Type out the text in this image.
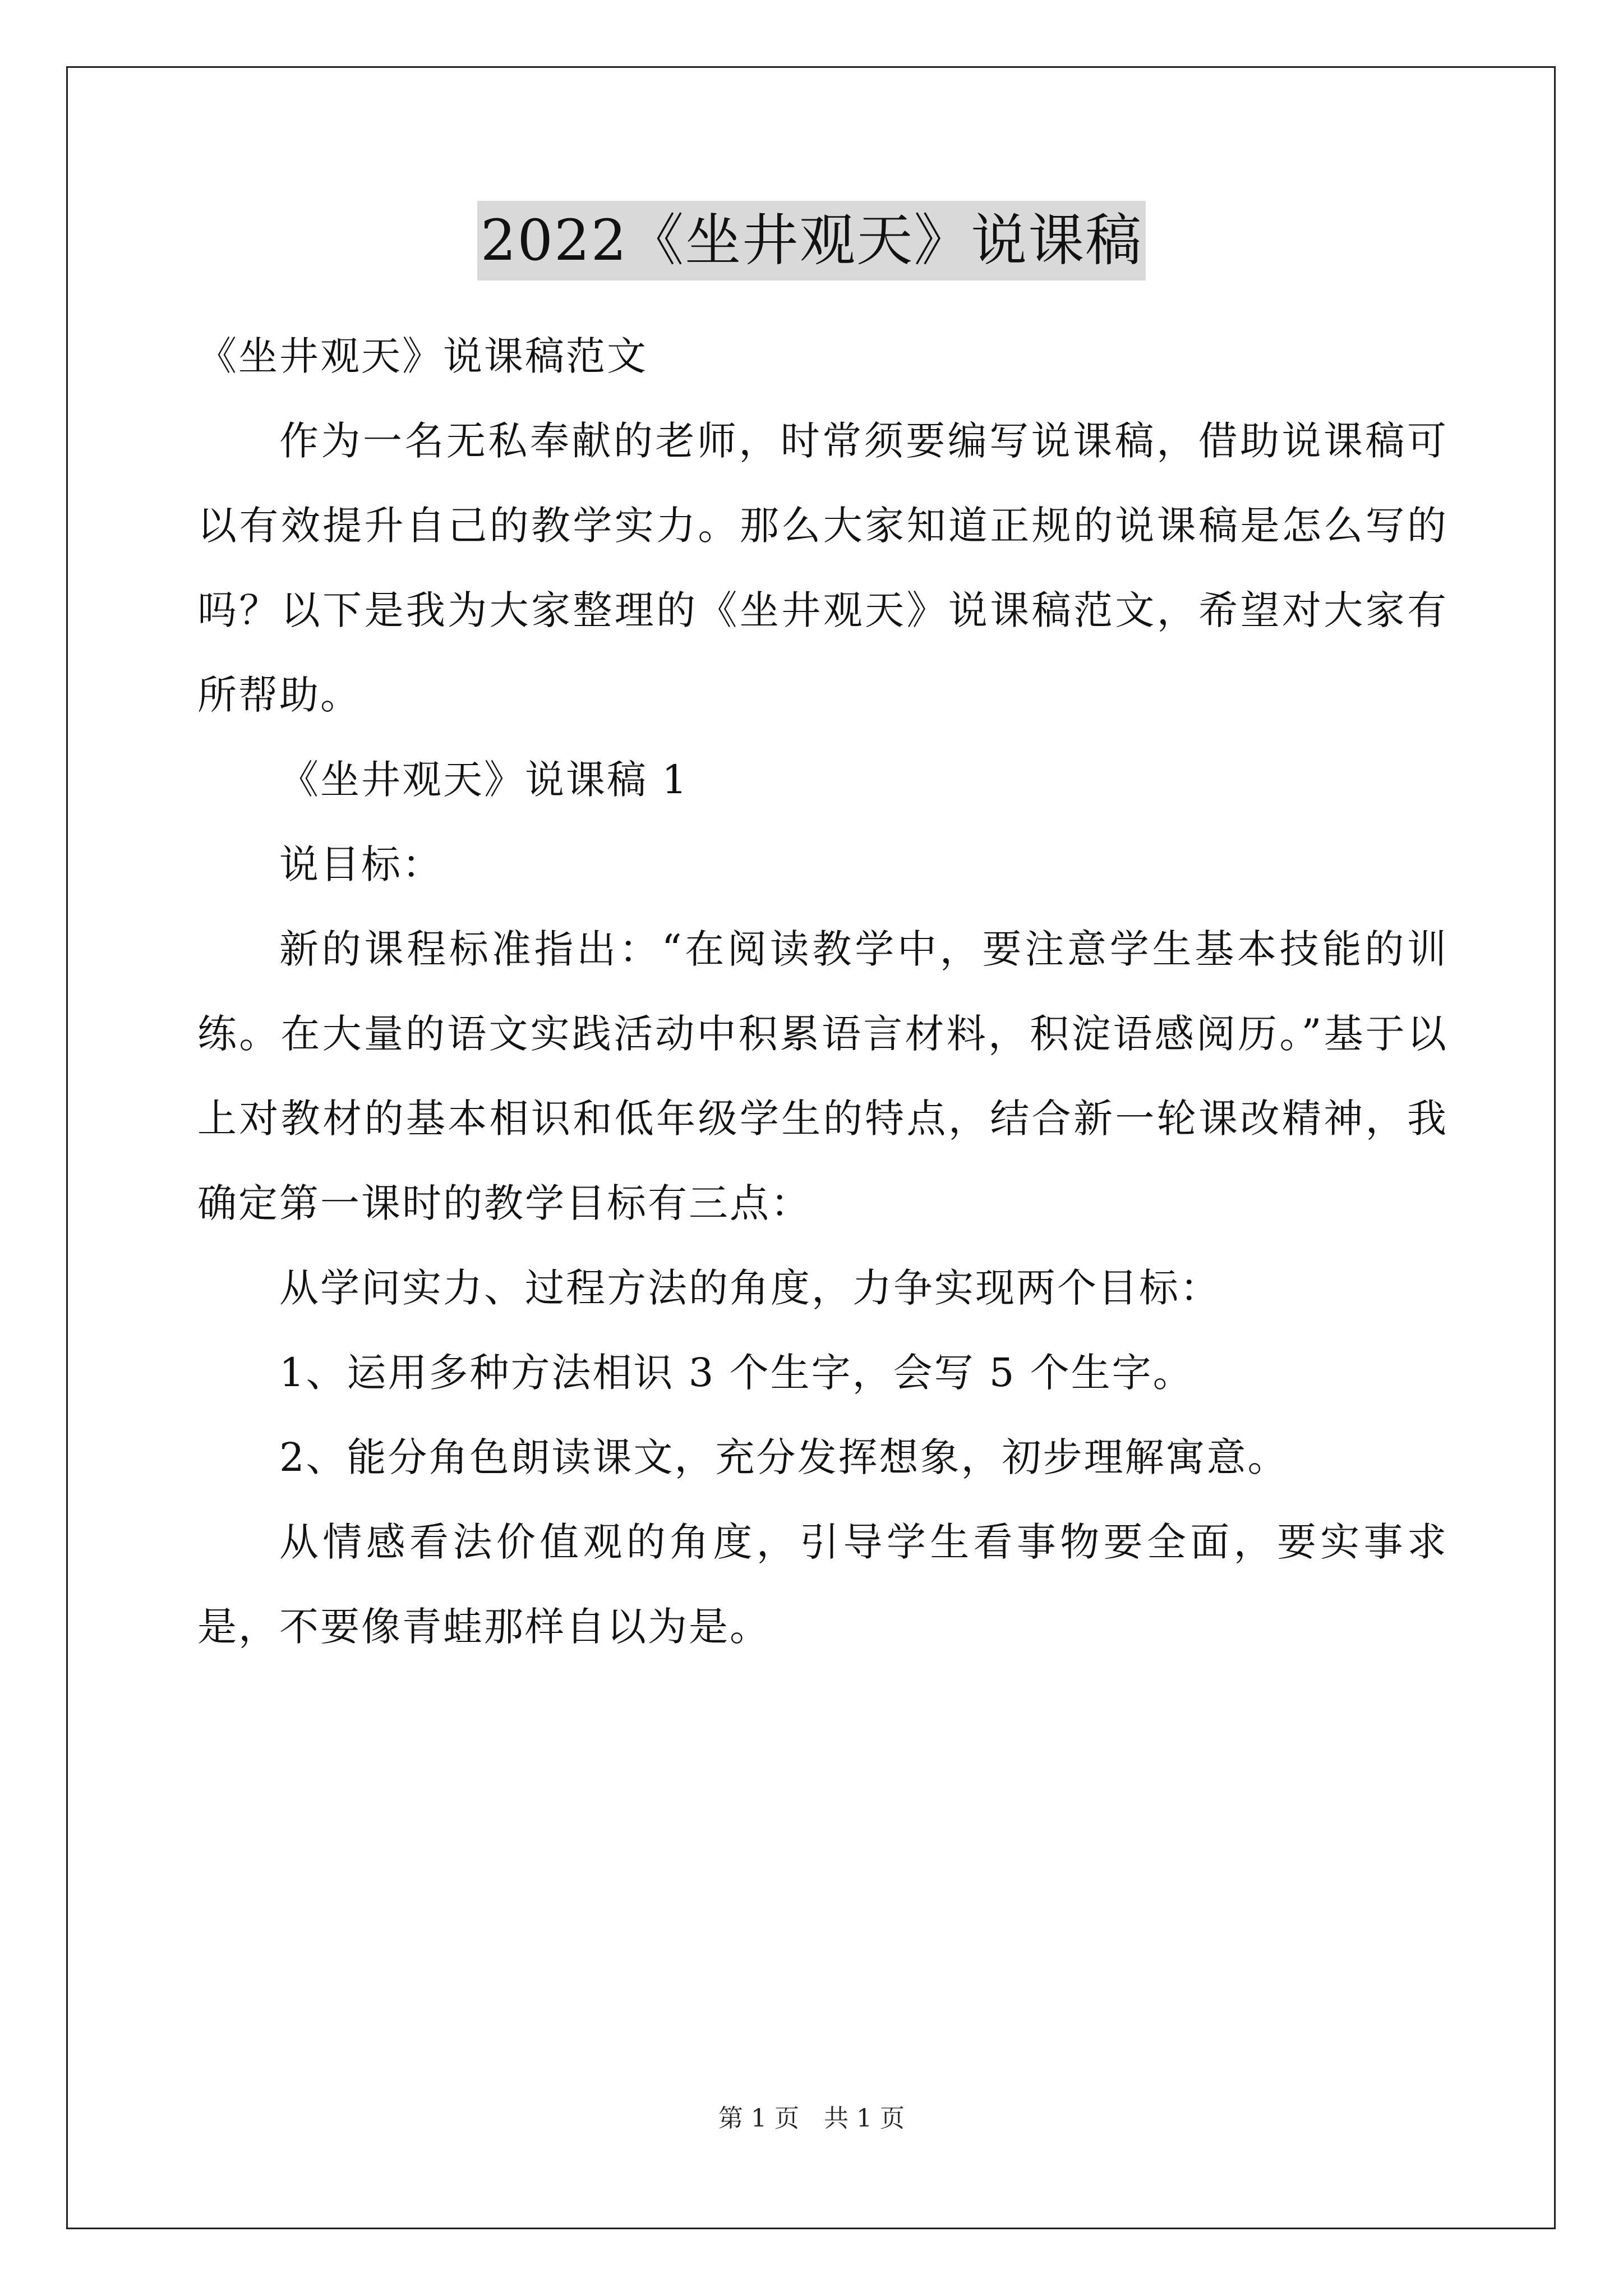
2022《坐井观天》说课稿

《坐井观天》说课稿范文

作为一名无私奉献的老师，时常须要编写说课稿，借助说课稿可以有效提升自己的教学实力。那么大家知道正规的说课稿是怎么写的吗？以下是我为大家整理的《坐井观天》说课稿范文，希望对大家有所帮助。

《坐井观天》说课稿 1

说目标：

新的课程标准指出：“在阅读教学中，要注意学生基本技能的训练。在大量的语文实践活动中积累语言材料，积淀语感阅历。”基于以上对教材的基本相识和低年级学生的特点，结合新一轮课改精神，我确定第一课时的教学目标有三点：

从学问实力、过程方法的角度，力争实现两个目标：

1、运用多种方法相识 3 个生字，会写 5 个生字。

2、能分角色朗读课文，充分发挥想象，初步理解寓意。

从情感看法价值观的角度，引导学生看事物要全面，要实事求是，不要像青蛙那样自以为是。

第 1 页 共 1 页
